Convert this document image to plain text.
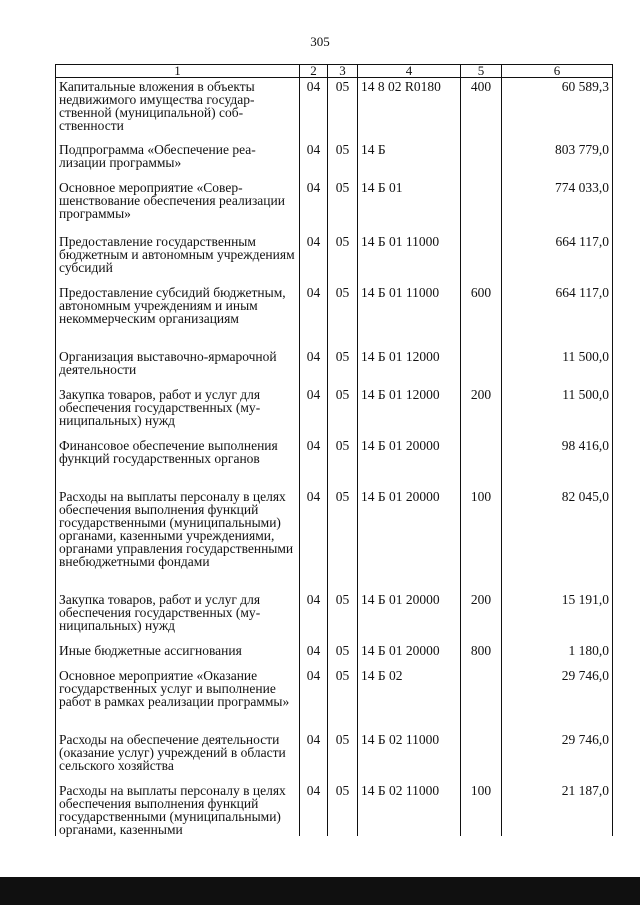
305
1	2	3	4	5	6
Капитальные вложения в объекты недвижимого имущества государственной (муниципальной) собственности	04	05	14 8 02 R0180	400	60 589,3
Подпрограмма «Обеспечение реализации программы»	04	05	14 Б		803 779,0
Основное мероприятие «Совершенствование обеспечения реализации программы»	04	05	14 Б 01		774 033,0
Предоставление государственным бюджетным и автономным учреждениям субсидий	04	05	14 Б 01 11000		664 117,0
Предоставление субсидий бюджетным, автономным учреждениям и иным некоммерческим организациям	04	05	14 Б 01 11000	600	664 117,0
Организация выставочно-ярмарочной деятельности	04	05	14 Б 01 12000		11 500,0
Закупка товаров, работ и услуг для обеспечения государственных (муниципальных) нужд	04	05	14 Б 01 12000	200	11 500,0
Финансовое обеспечение выполнения функций государственных органов	04	05	14 Б 01 20000		98 416,0
Расходы на выплаты персоналу в целях обеспечения выполнения функций государственными (муниципальными) органами, казенными учреждениями, органами управления государственными внебюджетными фондами	04	05	14 Б 01 20000	100	82 045,0
Закупка товаров, работ и услуг для обеспечения государственных (муниципальных) нужд	04	05	14 Б 01 20000	200	15 191,0
Иные бюджетные ассигнования	04	05	14 Б 01 20000	800	1 180,0
Основное мероприятие «Оказание государственных услуг и выполнение работ в рамках реализации программы»	04	05	14 Б 02		29 746,0
Расходы на обеспечение деятельности (оказание услуг) учреждений в области сельского хозяйства	04	05	14 Б 02 11000		29 746,0
Расходы на выплаты персоналу в целях обеспечения выполнения функций государственными (муниципальными) органами, казенными	04	05	14 Б 02 11000	100	21 187,0
